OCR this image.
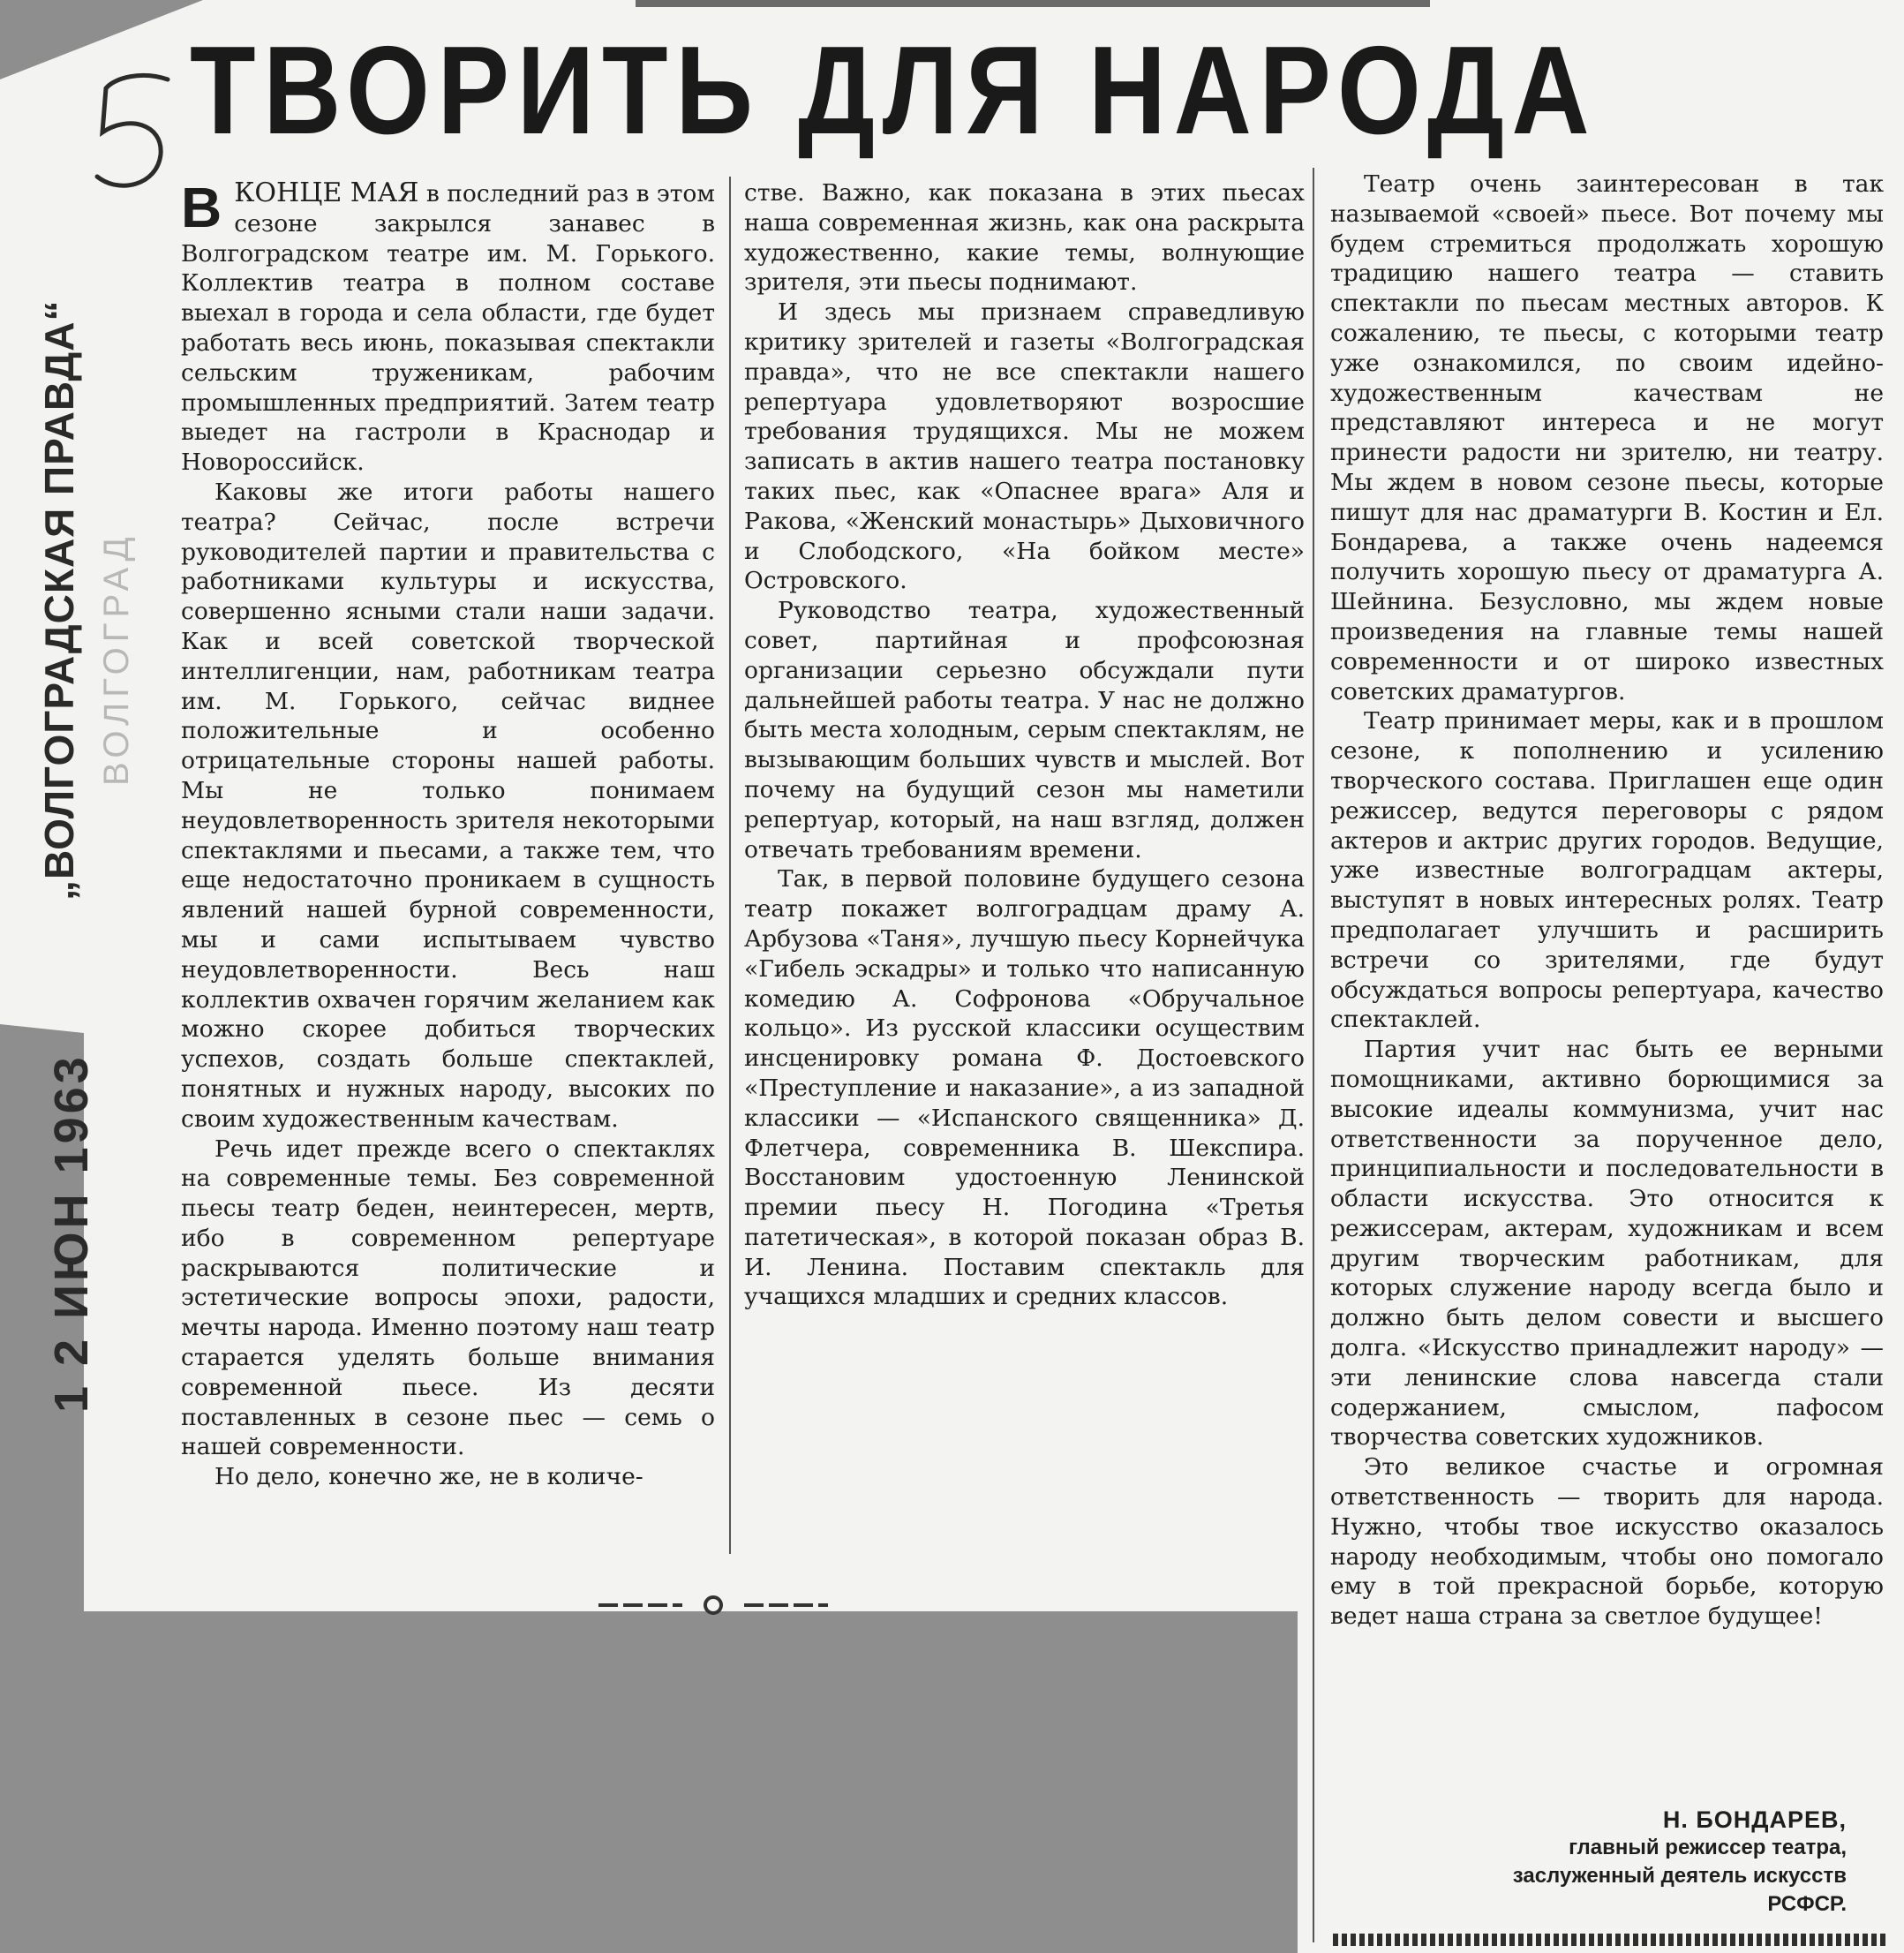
ТВОРИТЬ ДЛЯ НАРОДА
„ВОЛГОГРАДСКАЯ ПРАВДА“ ВОЛГОГРАД
1 2 ИЮН 1963

ВКОНЦЕ МАЯ в последний раз в этом сезоне закрылся занавес в Волгоградском театре им. М. Горького. Коллектив театра в полном составе выехал в города и села области, где будет работать весь июнь, показывая спектакли сельским труженикам, рабочим промышленных предприятий. Затем театр выедет на гастроли в Краснодар и Новороссийск.

Каковы же итоги работы нашего театра? Сейчас, после встречи руководителей партии и правительства с работниками культуры и искусства, совершенно ясными стали наши задачи. Как и всей советской творческой интеллигенции, нам, работникам театра им. М. Горького, сейчас виднее положительные и особенно отрицательные стороны нашей работы. Мы не только понимаем неудовлетворенность зрителя некоторыми спектаклями и пьесами, а также тем, что еще недостаточно проникаем в сущность явлений нашей бурной современности, мы и сами испытываем чувство неудовлетворенности. Весь наш коллектив охвачен горячим желанием как можно скорее добиться творческих успехов, создать больше спектаклей, понятных и нужных народу, высоких по своим художественным качествам.

Речь идет прежде всего о спектаклях на современные темы. Без современной пьесы театр беден, неинтересен, мертв, ибо в современном репертуаре раскрываются политические и эстетические вопросы эпохи, радости, мечты народа. Именно поэтому наш театр старается уделять больше внимания современной пьесе. Из десяти поставленных в сезоне пьес — семь о нашей современности.

Но дело, конечно же, не в количе-

стве. Важно, как показана в этих пьесах наша современная жизнь, как она раскрыта художественно, какие темы, волнующие зрителя, эти пьесы поднимают.

И здесь мы признаем справедливую критику зрителей и газеты «Волгоградская правда», что не все спектакли нашего репертуара удовлетворяют возросшие требования трудящихся. Мы не можем записать в актив нашего театра постановку таких пьес, как «Опаснее врага» Аля и Ракова, «Женский монастырь» Дыховичного и Слободского, «На бойком месте» Островского.

Руководство театра, художественный совет, партийная и профсоюзная организации серьезно обсуждали пути дальнейшей работы театра. У нас не должно быть места холодным, серым спектаклям, не вызывающим больших чувств и мыслей. Вот почему на будущий сезон мы наметили репертуар, который, на наш взгляд, должен отвечать требованиям времени.

Так, в первой половине будущего сезона театр покажет волгоградцам драму А. Арбузова «Таня», лучшую пьесу Корнейчука «Гибель эскадры» и только что написанную комедию А. Софронова «Обручальное кольцо». Из русской классики осуществим инсценировку романа Ф. Достоевского «Преступление и наказание», а из западной классики — «Испанского священника» Д. Флетчера, современника В. Шекспира. Восстановим удостоенную Ленинской премии пьесу Н. Погодина «Третья патетическая», в которой показан образ В. И. Ленина. Поставим спектакль для учащихся младших и средних классов.

Театр очень заинтересован в так называемой «своей» пьесе. Вот почему мы будем стремиться продолжать хорошую традицию нашего театра — ставить спектакли по пьесам местных авторов. К сожалению, те пьесы, с которыми театр уже ознакомился, по своим идейно-художественным качествам не представляют интереса и не могут принести радости ни зрителю, ни театру. Мы ждем в новом сезоне пьесы, которые пишут для нас драматурги В. Костин и Ел. Бондарева, а также очень надеемся получить хорошую пьесу от драматурга А. Шейнина. Безусловно, мы ждем новые произведения на главные темы нашей современности и от широко известных советских драматургов.

Театр принимает меры, как и в прошлом сезоне, к пополнению и усилению творческого состава. Приглашен еще один режиссер, ведутся переговоры с рядом актеров и актрис других городов. Ведущие, уже известные волгоградцам актеры, выступят в новых интересных ролях. Театр предполагает улучшить и расширить встречи со зрителями, где будут обсуждаться вопросы репертуара, качество спектаклей.

Партия учит нас быть ее верными помощниками, активно борющимися за высокие идеалы коммунизма, учит нас ответственности за порученное дело, принципиальности и последовательности в области искусства. Это относится к режиссерам, актерам, художникам и всем другим творческим работникам, для которых служение народу всегда было и должно быть делом совести и высшего долга. «Искусство принадлежит народу» — эти ленинские слова навсегда стали содержанием, смыслом, пафосом творчества советских художников.

Это великое счастье и огромная ответственность — творить для народа. Нужно, чтобы твое искусство оказалось народу необходимым, чтобы оно помогало ему в той прекрасной борьбе, которую ведет наша страна за светлое будущее!

Н. БОНДАРЕВ,
главный режиссер театра,
заслуженный деятель искусств
РСФСР.
